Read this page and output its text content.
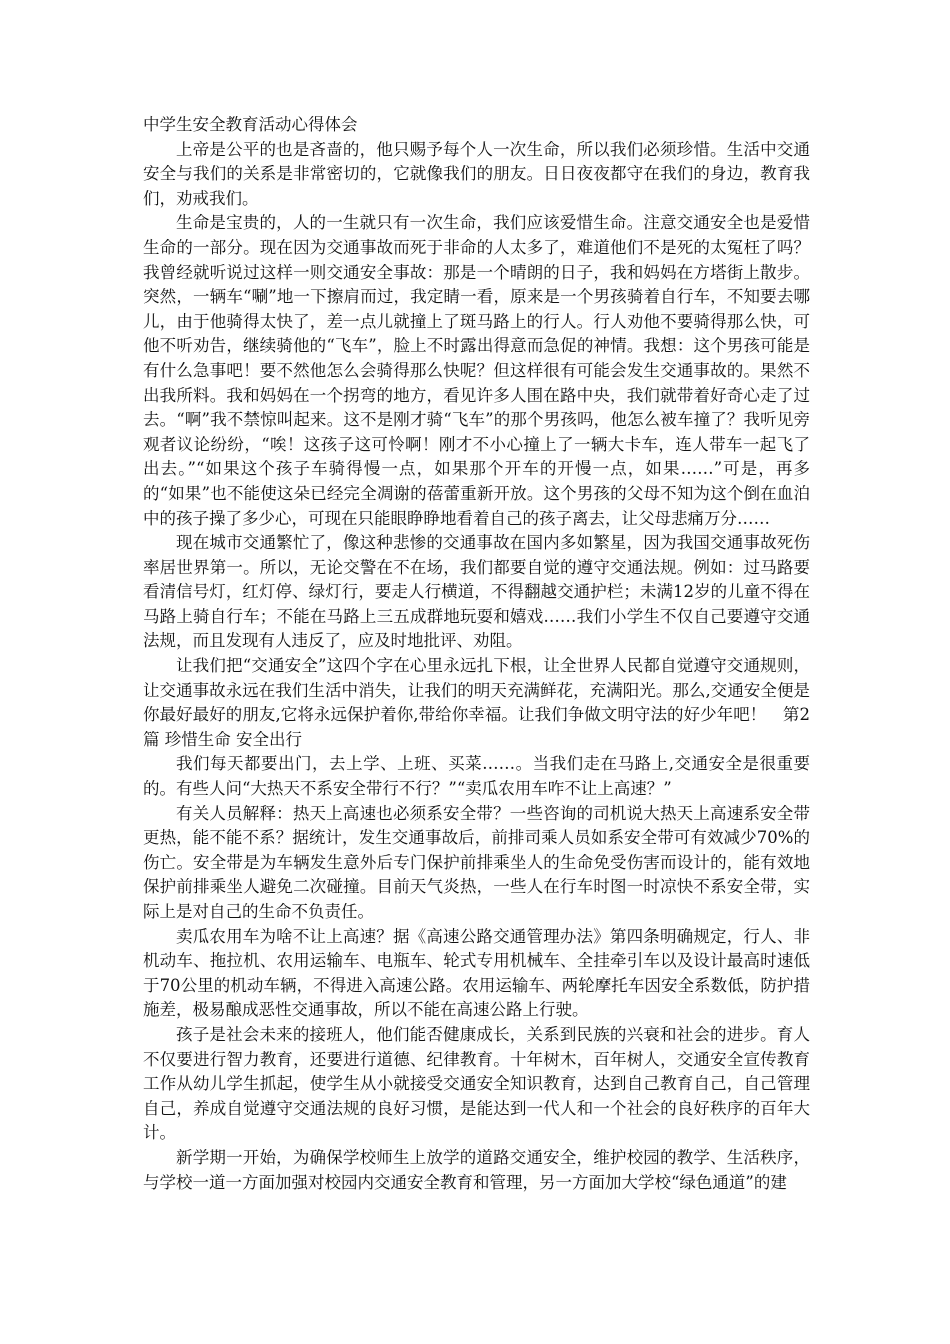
中学生安全教育活动心得体会

上帝是公平的也是吝啬的，他只赐予每个人一次生命，所以我们必须珍惜。生活中交通安全与我们的关系是非常密切的，它就像我们的朋友。日日夜夜都守在我们的身边，教育我们，劝戒我们。

生命是宝贵的，人的一生就只有一次生命，我们应该爱惜生命。注意交通安全也是爱惜生命的一部分。现在因为交通事故而死于非命的人太多了，难道他们不是死的太冤枉了吗？我曾经就听说过这样一则交通安全事故：那是一个晴朗的日子，我和妈妈在方塔街上散步。突然，一辆车“唰”地一下擦肩而过，我定睛一看，原来是一个男孩骑着自行车，不知要去哪儿，由于他骑得太快了，差一点儿就撞上了斑马路上的行人。行人劝他不要骑得那么快，可他不听劝告，继续骑他的“飞车”，脸上不时露出得意而急促的神情。我想：这个男孩可能是有什么急事吧！要不然他怎么会骑得那么快呢？但这样很有可能会发生交通事故的。果然不出我所料。我和妈妈在一个拐弯的地方，看见许多人围在路中央，我们就带着好奇心走了过去。“啊”我不禁惊叫起来。这不是刚才骑“飞车”的那个男孩吗，他怎么被车撞了？我听见旁观者议论纷纷，“唉！这孩子这可怜啊！刚才不小心撞上了一辆大卡车，连人带车一起飞了出去。”“如果这个孩子车骑得慢一点，如果那个开车的开慢一点，如果……”可是，再多的“如果”也不能使这朵已经完全凋谢的蓓蕾重新开放。这个男孩的父母不知为这个倒在血泊中的孩子操了多少心，可现在只能眼睁睁地看着自己的孩子离去，让父母悲痛万分……

现在城市交通繁忙了，像这种悲惨的交通事故在国内多如繁星，因为我国交通事故死伤率居世界第一。所以，无论交警在不在场，我们都要自觉的遵守交通法规。例如：过马路要看清信号灯，红灯停、绿灯行，要走人行横道，不得翻越交通护栏；未满12岁的儿童不得在马路上骑自行车；不能在马路上三五成群地玩耍和嬉戏……我们小学生不仅自己要遵守交通法规，而且发现有人违反了，应及时地批评、劝阻。

让我们把“交通安全”这四个字在心里永远扎下根，让全世界人民都自觉遵守交通规则，让交通事故永远在我们生活中消失，让我们的明天充满鲜花，充满阳光。那么,交通安全便是你最好最好的朋友,它将永远保护着你,带给你幸福。让我们争做文明守法的好少年吧！　第2篇 珍惜生命 安全出行

我们每天都要出门，去上学、上班、买菜……。当我们走在马路上,交通安全是很重要的。有些人问“大热天不系安全带行不行？”“卖瓜农用车咋不让上高速？”

有关人员解释：热天上高速也必须系安全带？一些咨询的司机说大热天上高速系安全带更热，能不能不系？据统计，发生交通事故后，前排司乘人员如系安全带可有效减少70%的伤亡。安全带是为车辆发生意外后专门保护前排乘坐人的生命免受伤害而设计的，能有效地保护前排乘坐人避免二次碰撞。目前天气炎热，一些人在行车时图一时凉快不系安全带，实际上是对自己的生命不负责任。

卖瓜农用车为啥不让上高速？据《高速公路交通管理办法》第四条明确规定，行人、非机动车、拖拉机、农用运输车、电瓶车、轮式专用机械车、全挂牵引车以及设计最高时速低于70公里的机动车辆，不得进入高速公路。农用运输车、两轮摩托车因安全系数低，防护措施差，极易酿成恶性交通事故，所以不能在高速公路上行驶。

孩子是社会未来的接班人，他们能否健康成长，关系到民族的兴衰和社会的进步。育人不仅要进行智力教育，还要进行道德、纪律教育。十年树木，百年树人，交通安全宣传教育工作从幼儿学生抓起，使学生从小就接受交通安全知识教育，达到自己教育自己，自己管理自己，养成自觉遵守交通法规的良好习惯，是能达到一代人和一个社会的良好秩序的百年大计。

新学期一开始，为确保学校师生上放学的道路交通安全，维护校园的教学、生活秩序，与学校一道一方面加强对校园内交通安全教育和管理，另一方面加大学校“绿色通道”的建
